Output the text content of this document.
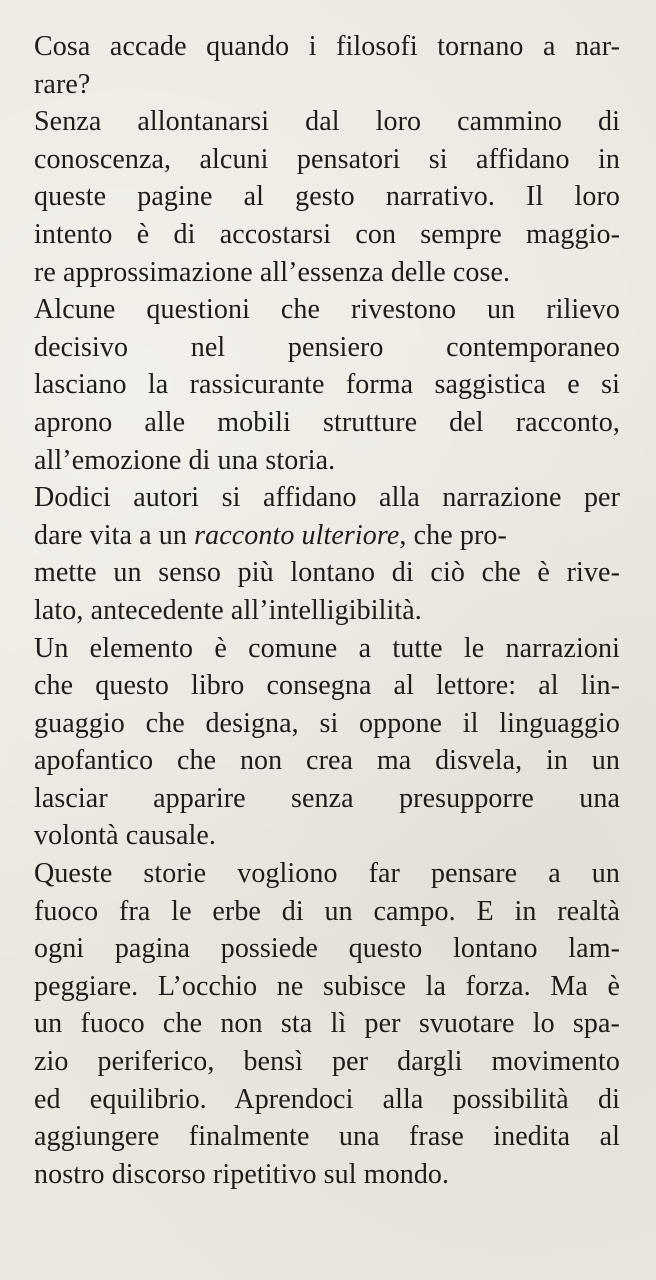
Cosa accade quando i filosofi tornano a nar-
rare?
Senza allontanarsi dal loro cammino di
conoscenza, alcuni pensatori si affidano in
queste pagine al gesto narrativo. Il loro
intento è di accostarsi con sempre maggio-
re approssimazione all’essenza delle cose.
Alcune questioni che rivestono un rilievo
decisivo nel pensiero contemporaneo
lasciano la rassicurante forma saggistica e si
aprono alle mobili strutture del racconto,
all’emozione di una storia.
Dodici autori si affidano alla narrazione per
dare vita a un racconto ulteriore, che pro-
mette un senso più lontano di ciò che è rive-
lato, antecedente all’intelligibilità.
Un elemento è comune a tutte le narrazioni
che questo libro consegna al lettore: al lin-
guaggio che designa, si oppone il linguaggio
apofantico che non crea ma disvela, in un
lasciar apparire senza presupporre una
volontà causale.
Queste storie vogliono far pensare a un
fuoco fra le erbe di un campo. E in realtà
ogni pagina possiede questo lontano lam-
peggiare. L’occhio ne subisce la forza. Ma è
un fuoco che non sta lì per svuotare lo spa-
zio periferico, bensì per dargli movimento
ed equilibrio. Aprendoci alla possibilità di
aggiungere finalmente una frase inedita al
nostro discorso ripetitivo sul mondo.
